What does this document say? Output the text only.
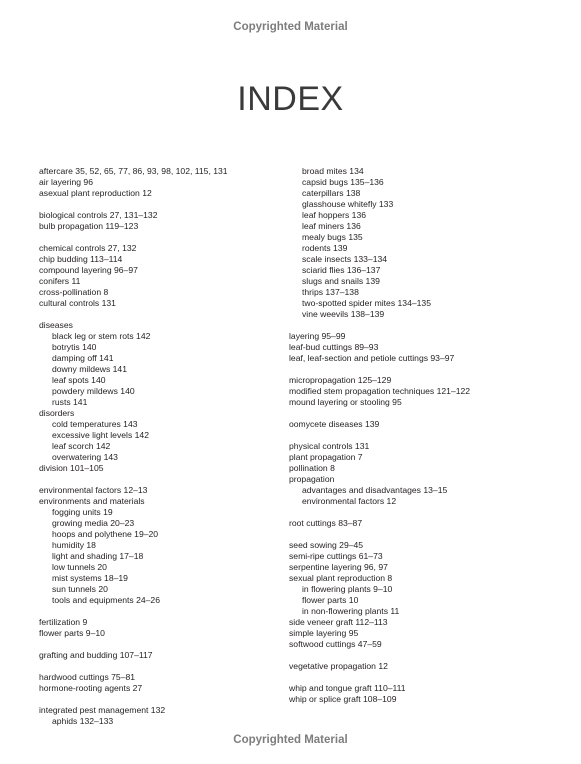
Copyrighted Material
INDEX
aftercare 35, 52, 65, 77, 86, 93, 98, 102, 115, 131
air layering 96
asexual plant reproduction 12
biological controls 27, 131–132
bulb propagation 119–123
chemical controls 27, 132
chip budding 113–114
compound layering 96–97
conifers 11
cross-pollination 8
cultural controls 131
diseases
black leg or stem rots 142
botrytis 140
damping off 141
downy mildews 141
leaf spots 140
powdery mildews 140
rusts 141
disorders
cold temperatures 143
excessive light levels 142
leaf scorch 142
overwatering 143
division 101–105
environmental factors 12–13
environments and materials
fogging units 19
growing media 20–23
hoops and polythene 19–20
humidity 18
light and shading 17–18
low tunnels 20
mist systems 18–19
sun tunnels 20
tools and equipments 24–26
fertilization 9
flower parts 9–10
grafting and budding 107–117
hardwood cuttings 75–81
hormone-rooting agents 27
integrated pest management 132
aphids 132–133
broad mites 134
capsid bugs 135–136
caterpillars 138
glasshouse whitefly 133
leaf hoppers 136
leaf miners 136
mealy bugs 135
rodents 139
scale insects 133–134
sciarid flies 136–137
slugs and snails 139
thrips 137–138
two-spotted spider mites 134–135
vine weevils 138–139
layering 95–99
leaf-bud cuttings 89–93
leaf, leaf-section and petiole cuttings 93–97
micropropagation 125–129
modified stem propagation techniques 121–122
mound layering or stooling 95
oomycete diseases 139
physical controls 131
plant propagation 7
pollination 8
propagation
advantages and disadvantages 13–15
environmental factors 12
root cuttings 83–87
seed sowing 29–45
semi-ripe cuttings 61–73
serpentine layering 96, 97
sexual plant reproduction 8
in flowering plants 9–10
flower parts 10
in non-flowering plants 11
side veneer graft 112–113
simple layering 95
softwood cuttings 47–59
vegetative propagation 12
whip and tongue graft 110–111
whip or splice graft 108–109
Copyrighted Material
